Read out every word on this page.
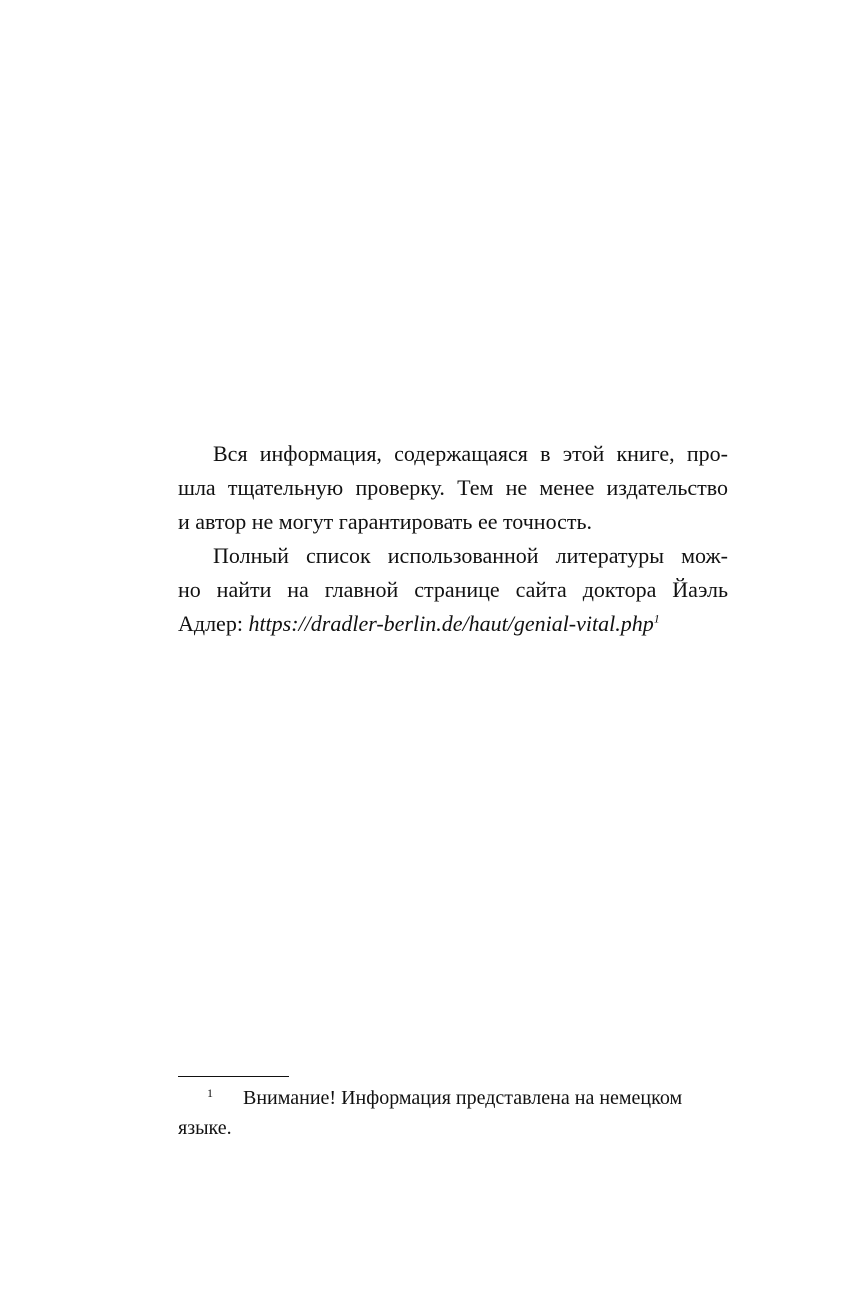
Вся информация, содержащаяся в этой книге, про-
шла тщательную проверку. Тем не менее издательство
и автор не могут гарантировать ее точность.
Полный список использованной литературы мож-
но найти на главной странице сайта доктора Йаэль
Адлер: https://dradler-berlin.de/haut/genial-vital.php$^1$
1 Внимание! Информация представлена на немецком
языке.
